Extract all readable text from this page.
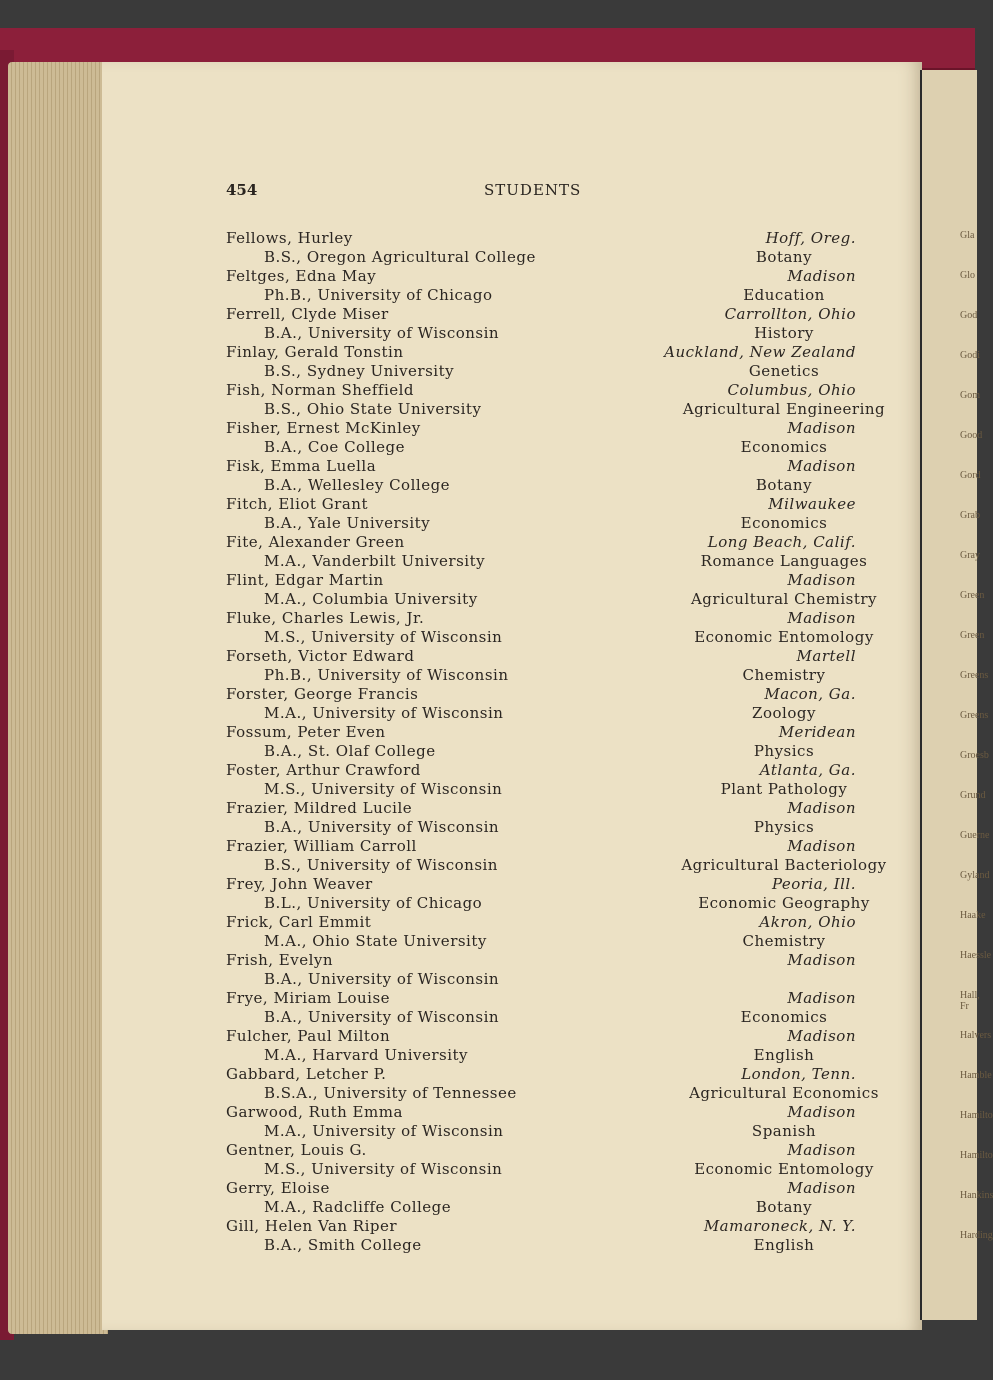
Gla
Glo
God
Godi
Gom
Good
Gord
Grab
Gray
Green
Green
Greens
Greens
Groesb
Grund
Guerne
Gyland
Haake
Haessle
Hall, Fr
Halvers
Hamble
Hamilto
Hamilto
Hankins
Harding
454	STUDENTS
Fellows, Hurley	Hoff, Oreg.
B.S., Oregon Agricultural College	Botany
Feltges, Edna May	Madison
Ph.B., University of Chicago	Education
Ferrell, Clyde Miser	Carrollton, Ohio
B.A., University of Wisconsin	History
Finlay, Gerald Tonstin	Auckland, New Zealand
B.S., Sydney University	Genetics
Fish, Norman Sheffield	Columbus, Ohio
B.S., Ohio State University	Agricultural Engineering
Fisher, Ernest McKinley	Madison
B.A., Coe College	Economics
Fisk, Emma Luella	Madison
B.A., Wellesley College	Botany
Fitch, Eliot Grant	Milwaukee
B.A., Yale University	Economics
Fite, Alexander Green	Long Beach, Calif.
M.A., Vanderbilt University	Romance Languages
Flint, Edgar Martin	Madison
M.A., Columbia University	Agricultural Chemistry
Fluke, Charles Lewis, Jr.	Madison
M.S., University of Wisconsin	Economic Entomology
Forseth, Victor Edward	Martell
Ph.B., University of Wisconsin	Chemistry
Forster, George Francis	Macon, Ga.
M.A., University of Wisconsin	Zoology
Fossum, Peter Even	Meridean
B.A., St. Olaf College	Physics
Foster, Arthur Crawford	Atlanta, Ga.
M.S., University of Wisconsin	Plant Pathology
Frazier, Mildred Lucile	Madison
B.A., University of Wisconsin	Physics
Frazier, William Carroll	Madison
B.S., University of Wisconsin	Agricultural Bacteriology
Frey, John Weaver	Peoria, Ill.
B.L., University of Chicago	Economic Geography
Frick, Carl Emmit	Akron, Ohio
M.A., Ohio State University	Chemistry
Frish, Evelyn	Madison
B.A., University of Wisconsin
Frye, Miriam Louise	Madison
B.A., University of Wisconsin	Economics
Fulcher, Paul Milton	Madison
M.A., Harvard University	English
Gabbard, Letcher P.	London, Tenn.
B.S.A., University of Tennessee	Agricultural Economics
Garwood, Ruth Emma	Madison
M.A., University of Wisconsin	Spanish
Gentner, Louis G.	Madison
M.S., University of Wisconsin	Economic Entomology
Gerry, Eloise	Madison
M.A., Radcliffe College	Botany
Gill, Helen Van Riper	Mamaroneck, N. Y.
B.A., Smith College	English
